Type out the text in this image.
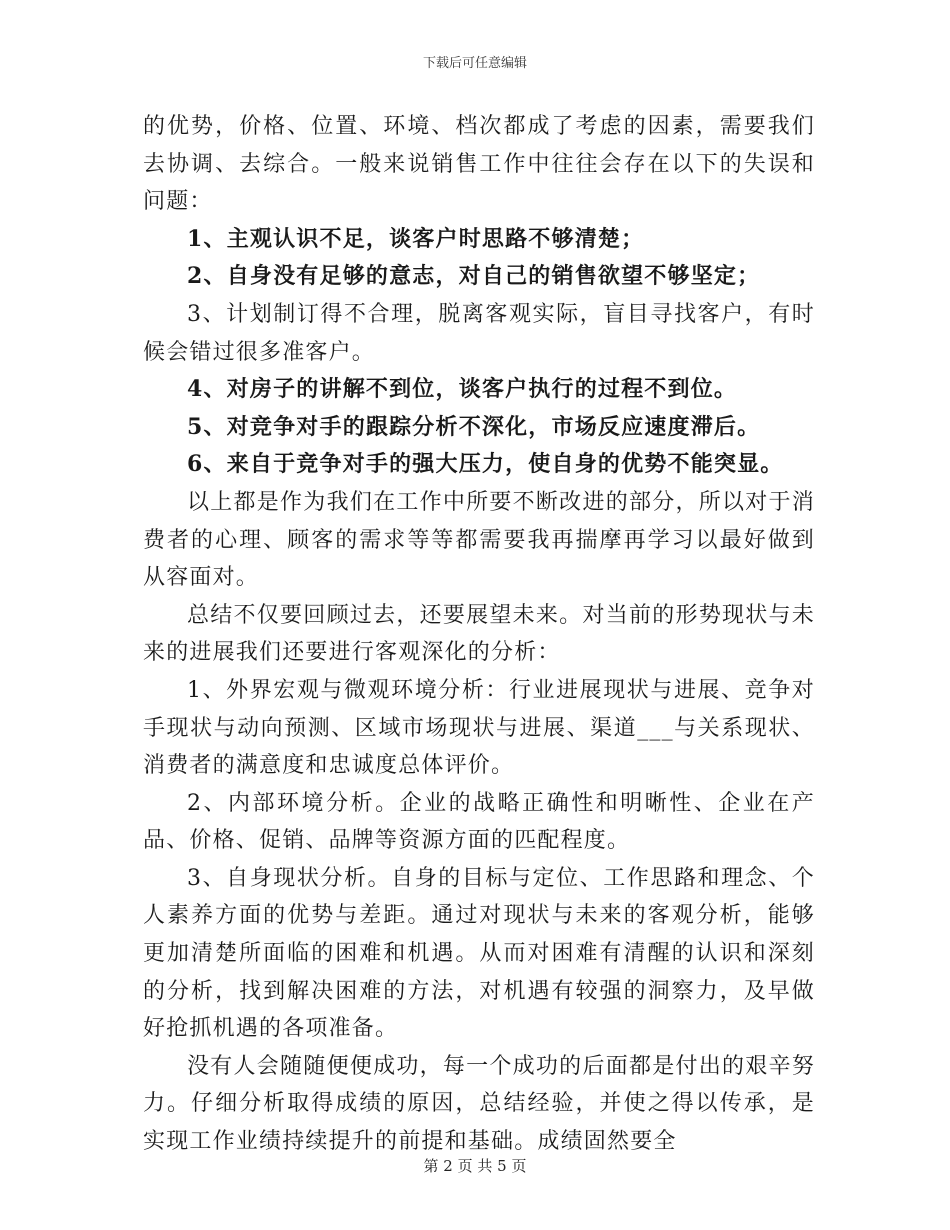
下载后可任意编辑

的优势，价格、位置、环境、档次都成了考虑的因素，需要我们去协调、去综合。一般来说销售工作中往往会存在以下的失误和问题：

1、主观认识不足，谈客户时思路不够清楚；

2、自身没有足够的意志，对自己的销售欲望不够坚定；

3、计划制订得不合理，脱离客观实际，盲目寻找客户，有时候会错过很多准客户。

4、对房子的讲解不到位，谈客户执行的过程不到位。

5、对竞争对手的跟踪分析不深化，市场反应速度滞后。

6、来自于竞争对手的强大压力，使自身的优势不能突显。

以上都是作为我们在工作中所要不断改进的部分，所以对于消费者的心理、顾客的需求等等都需要我再揣摩再学习以最好做到从容面对。

总结不仅要回顾过去，还要展望未来。对当前的形势现状与未来的进展我们还要进行客观深化的分析：

1、外界宏观与微观环境分析：行业进展现状与进展、竞争对手现状与动向预测、区域市场现状与进展、渠道___与关系现状、消费者的满意度和忠诚度总体评价。

2、内部环境分析。企业的战略正确性和明晰性、企业在产品、价格、促销、品牌等资源方面的匹配程度。

3、自身现状分析。自身的目标与定位、工作思路和理念、个人素养方面的优势与差距。通过对现状与未来的客观分析，能够更加清楚所面临的困难和机遇。从而对困难有清醒的认识和深刻的分析，找到解决困难的方法，对机遇有较强的洞察力，及早做好抢抓机遇的各项准备。

没有人会随随便便成功，每一个成功的后面都是付出的艰辛努力。仔细分析取得成绩的原因，总结经验，并使之得以传承，是实现工作业绩持续提升的前提和基础。成绩固然要全

第 2 页 共 5 页
